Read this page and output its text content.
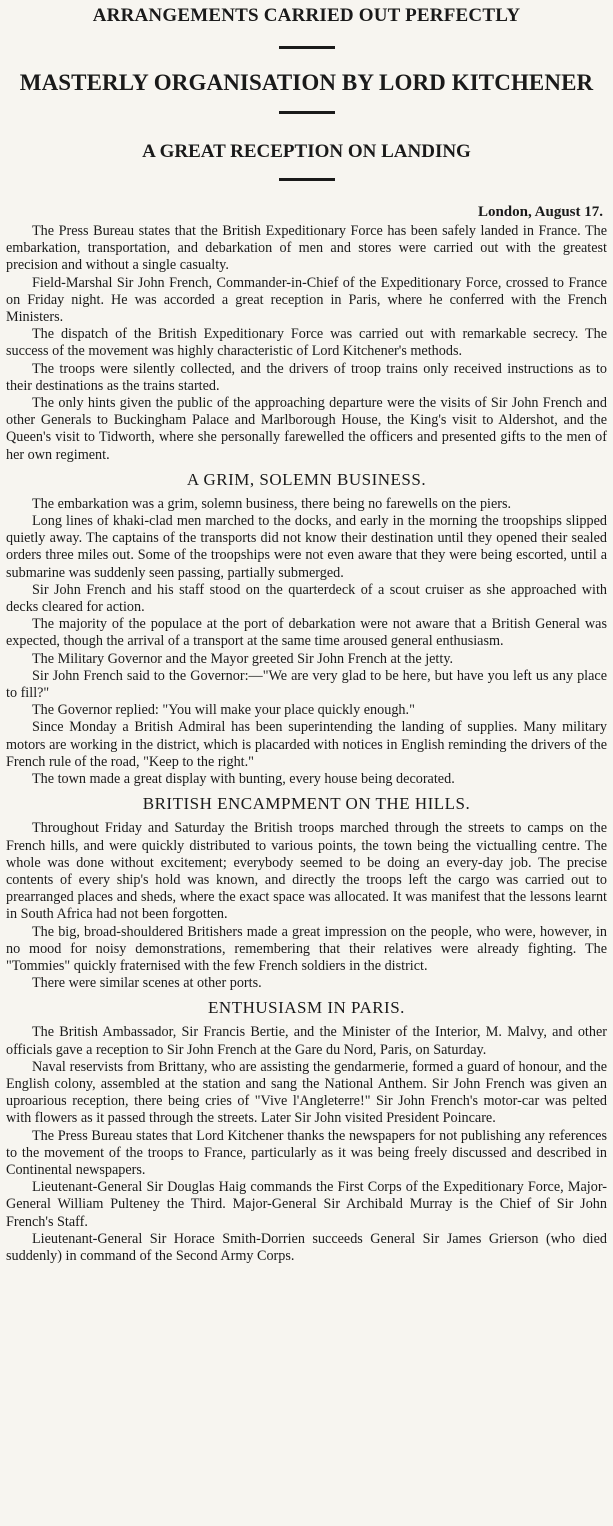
ARRANGEMENTS CARRIED OUT PERFECTLY
MASTERLY ORGANISATION BY LORD KITCHENER
A GREAT RECEPTION ON LANDING
London, August 17.

The Press Bureau states that the British Expeditionary Force has been safely landed in France. The embarkation, transportation, and debarkation of men and stores were carried out with the greatest precision and without a single casualty.

Field-Marshal Sir John French, Commander-in-Chief of the Expeditionary Force, crossed to France on Friday night. He was accorded a great reception in Paris, where he conferred with the French Ministers.

The dispatch of the British Expeditionary Force was carried out with remarkable secrecy. The success of the movement was highly characteristic of Lord Kitchener's methods.

The troops were silently collected, and the drivers of troop trains only received instructions as to their destinations as the trains started.

The only hints given the public of the approaching departure were the visits of Sir John French and other Generals to Buckingham Palace and Marlborough House, the King's visit to Aldershot, and the Queen's visit to Tidworth, where she personally farewelled the officers and presented gifts to the men of her own regiment.

A GRIM, SOLEMN BUSINESS.

The embarkation was a grim, solemn business, there being no farewells on the piers.

Long lines of khaki-clad men marched to the docks, and early in the morning the troopships slipped quietly away. The captains of the transports did not know their destination until they opened their sealed orders three miles out. Some of the troopships were not even aware that they were being escorted, until a submarine was suddenly seen passing, partially submerged.

Sir John French and his staff stood on the quarterdeck of a scout cruiser as she approached with decks cleared for action.

The majority of the populace at the port of debarkation were not aware that a British General was expected, though the arrival of a transport at the same time aroused general enthusiasm.

The Military Governor and the Mayor greeted Sir John French at the jetty.

Sir John French said to the Governor:—"We are very glad to be here, but have you left us any place to fill?"

The Governor replied: "You will make your place quickly enough."

Since Monday a British Admiral has been superintending the landing of supplies. Many military motors are working in the district, which is placarded with notices in English reminding the drivers of the French rule of the road, "Keep to the right."

The town made a great display with bunting, every house being decorated.

BRITISH ENCAMPMENT ON THE HILLS.

Throughout Friday and Saturday the British troops marched through the streets to camps on the French hills, and were quickly distributed to various points, the town being the victualling centre. The whole was done without excitement; everybody seemed to be doing an every-day job. The precise contents of every ship's hold was known, and directly the troops left the cargo was carried out to prearranged places and sheds, where the exact space was allocated. It was manifest that the lessons learnt in South Africa had not been forgotten.

The big, broad-shouldered Britishers made a great impression on the people, who were, however, in no mood for noisy demonstrations, remembering that their relatives were already fighting. The "Tommies" quickly fraternised with the few French soldiers in the district.

There were similar scenes at other ports.

ENTHUSIASM IN PARIS.

The British Ambassador, Sir Francis Bertie, and the Minister of the Interior, M. Malvy, and other officials gave a reception to Sir John French at the Gare du Nord, Paris, on Saturday.

Naval reservists from Brittany, who are assisting the gendarmerie, formed a guard of honour, and the English colony, assembled at the station and sang the National Anthem. Sir John French was given an uproarious reception, there being cries of "Vive l'Angleterre!" Sir John French's motor-car was pelted with flowers as it passed through the streets. Later Sir John visited President Poincare.

The Press Bureau states that Lord Kitchener thanks the newspapers for not publishing any references to the movement of the troops to France, particularly as it was being freely discussed and described in Continental newspapers.

Lieutenant-General Sir Douglas Haig commands the First Corps of the Expeditionary Force, Major-General William Pulteney the Third. Major-General Sir Archibald Murray is the Chief of Sir John French's Staff.

Lieutenant-General Sir Horace Smith-Dorrien succeeds General Sir James Grierson (who died suddenly) in command of the Second Army Corps.
